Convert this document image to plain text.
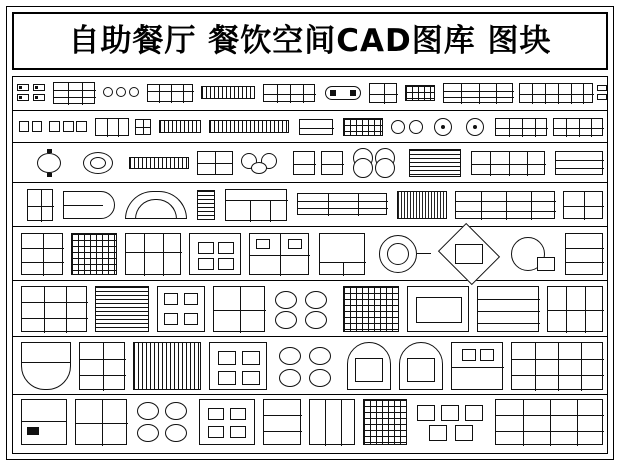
自助餐厅 餐饮空间CAD图库 图块
